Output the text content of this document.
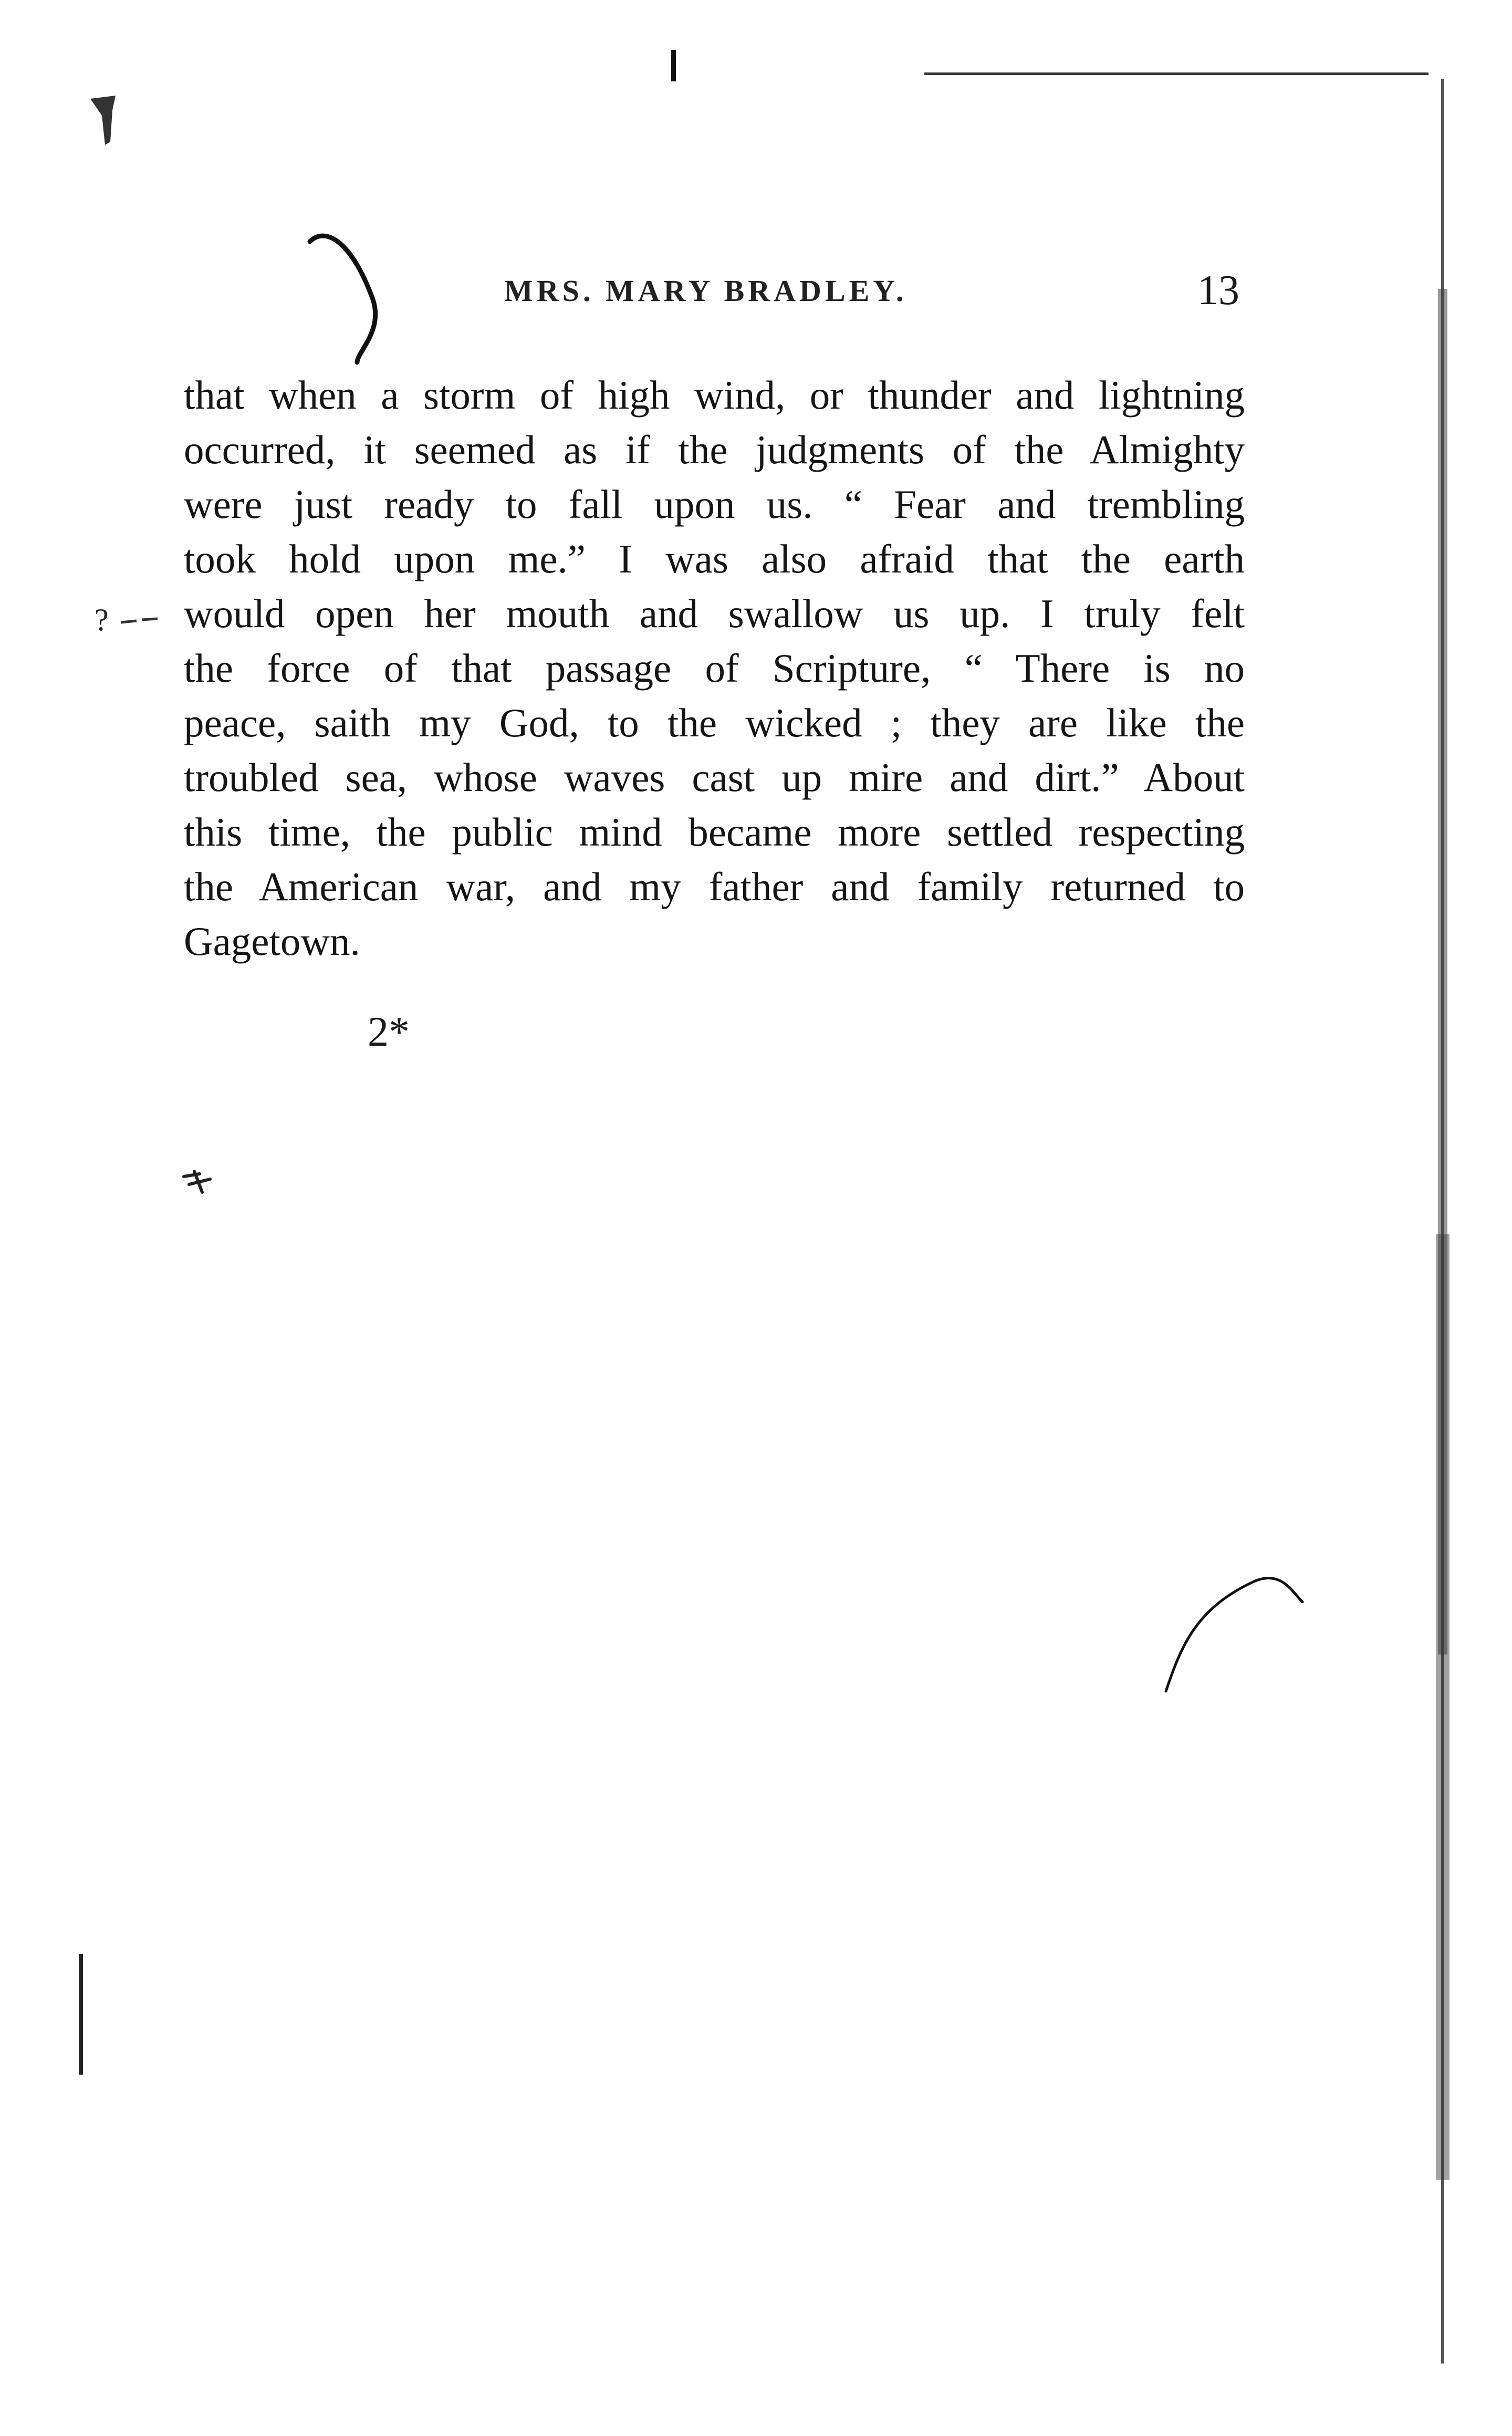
?
MRS. MARY BRADLEY.	13
that when a storm of high wind, or thunder and lightning
occurred, it seemed as if the judgments of the Almighty
were just ready to fall upon us. “ Fear and trembling
took hold upon me.” I was also afraid that the earth
would open her mouth and swallow us up. I truly felt
the force of that passage of Scripture, “ There is no
peace, saith my God, to the wicked ; they are like the
troubled sea, whose waves cast up mire and dirt.” About
this time, the public mind became more settled respecting
the American war, and my father and family returned to
Gagetown.
2*
